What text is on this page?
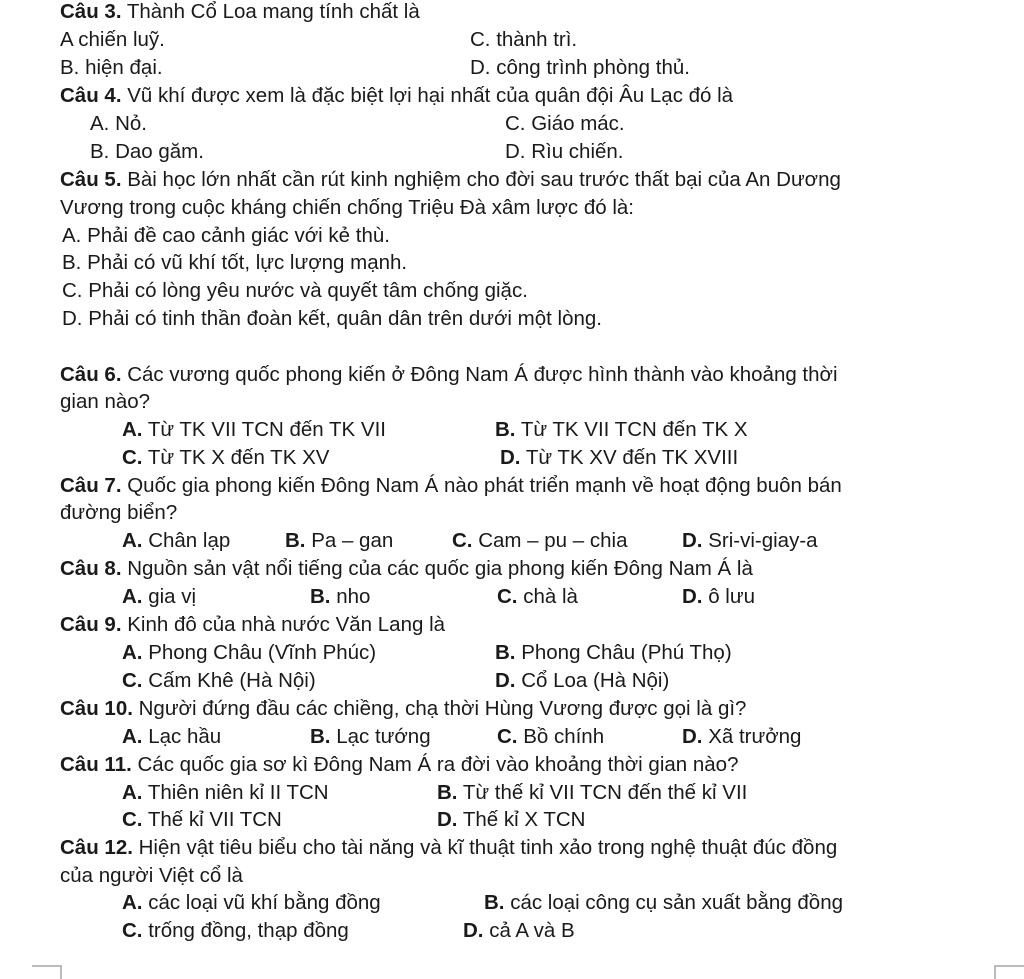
Câu 3. Thành Cổ Loa mang tính chất là
A chiến luỹ.	C. thành trì.
B. hiện đại.	D. công trình phòng thủ.
Câu 4. Vũ khí được xem là đặc biệt lợi hại nhất của quân đội Âu Lạc đó là
A. Nỏ.	C. Giáo mác.
B. Dao găm.	D. Rìu chiến.
Câu 5. Bài học lớn nhất cần rút kinh nghiệm cho đời sau trước thất bại của An Dương
Vương trong cuộc kháng chiến chống Triệu Đà xâm lược đó là:
A. Phải đề cao cảnh giác với kẻ thù.
B. Phải có vũ khí tốt, lực lượng mạnh.
C. Phải có lòng yêu nước và quyết tâm chống giặc.
D. Phải có tinh thần đoàn kết, quân dân trên dưới một lòng.
Câu 6. Các vương quốc phong kiến ở Đông Nam Á được hình thành vào khoảng thời
gian nào?
A. Từ TK VII TCN đến TK VII	B. Từ TK VII TCN đến TK X
C. Từ TK X đến TK XV	D. Từ TK XV đến TK XVIII
Câu 7. Quốc gia phong kiến Đông Nam Á nào phát triển mạnh về hoạt động buôn bán
đường biển?
A. Chân lạp	B. Pa – gan	C. Cam – pu – chia	D. Sri-vi-giay-a
Câu 8. Nguồn sản vật nổi tiếng của các quốc gia phong kiến Đông Nam Á là
A. gia vị	B. nho	C. chà là	D. ô lưu
Câu 9. Kinh đô của nhà nước Văn Lang là
A. Phong Châu (Vĩnh Phúc)	B. Phong Châu (Phú Thọ)
C. Cấm Khê (Hà Nội)	D. Cổ Loa (Hà Nội)
Câu 10. Người đứng đầu các chiềng, chạ thời Hùng Vương được gọi là gì?
A. Lạc hầu	B. Lạc tướng	C. Bồ chính	D. Xã trưởng
Câu 11. Các quốc gia sơ kì Đông Nam Á ra đời vào khoảng thời gian nào?
A. Thiên niên kỉ II TCN	B. Từ thế kỉ VII TCN đến thế kỉ VII
C. Thế kỉ VII TCN	D. Thế kỉ X TCN
Câu 12. Hiện vật tiêu biểu cho tài năng và kĩ thuật tinh xảo trong nghệ thuật đúc đồng
của người Việt cổ là
A. các loại vũ khí bằng đồng	B. các loại công cụ sản xuất bằng đồng
C. trống đồng, thạp đồng	D. cả A và B
